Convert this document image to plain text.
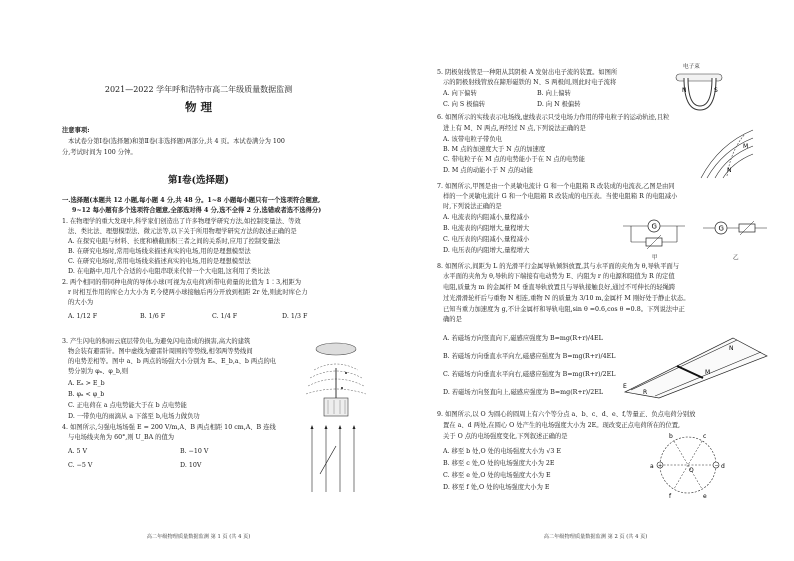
2021—2022 学年呼和浩特市高二年级质量数据监测
物 理
注意事项:
本试卷分第Ⅰ卷(选择题)和第Ⅱ卷(非选择题)两部分,共 4 页。本试卷满分为 100
分,考试时间为 100 分钟。
第Ⅰ卷(选择题)
一.选择题(本题共 12 小题,每小题 4 分,共 48 分。1~8 小题每小题只有一个选项符合题意,
9~12 每小题有多个选项符合题意,全部选对得 4 分,选不全得 2 分,选错或者选不选得分)
1. 在物理学的重大发现中,科学家们创造出了许多物理学研究方法,如控制变量法、等效
法、类比法、理想模型法、微元法等,以下关于所用物理学研究方法的叙述正确的是
A. 在探究电阻与材料、长度和横截面积三者之间的关系时,应用了控制变量法
B. 在研究电场时,常用电场线来描述真实的电场,用的是理想模型法
C. 在研究电场时,常用电场线来描述真实的电场,用的是理想模型法
D. 在电路中,用几个合适的小电阻串联来代替一个大电阻,这利用了类比法
2. 两个相同的带同种电荷的导体小球(可视为点电荷)所带电荷量的比值为 1∶3,相距为
r 时相互作用的库仑力大小为 F,今使两小球接触后再分开放到相距 2r 处,则此时库仑力
的大小为
A. 1/12 F	B. 1/6 F	C. 1/4 F	D. 1/3 F
3. 产生闪电的积雨云底层带负电,为避免闪电造成的损害,高大的建筑
物会装有避雷针。图中虚线为避雷针周围的等势线,相邻两等势线间
的电势差相等。图中 a、b 两点的场强大小分别为 Eₐ、E_b,a、b 两点的电
势分别为 φₐ、φ_b,则
A. Eₐ > E_b
B. φₐ < φ_b
C. 正电荷在 a 点电势能大于在 b 点电势能
D. 一带负电的雨滴从 a 下落至 b,电场力做负功
4. 如图所示,匀强电场场强 E = 200 V/m,A、B 两点相距 10 cm,A、B 连线
与电场线夹角为 60°,则 U_BA 的值为
A. 5 V	B. −10 V
C. −5 V	D. 10V
高二年级物理质量数据监测 第 1 页 (共 4 页)
5. 阴极射线管是一种阳从其阴极 A 发射出电子流的装置。如图所
示的阴极射线管放在蹄形磁铁的 N、S 两极间,则此时电子流将
A. 向下偏转	B. 向上偏转
C. 向 S 极偏转	D. 向 N 极偏转
电子束
N	S
6. 如图所示的实线表示电场线,虚线表示只受电场力作用的带电粒子的运动轨迹,且粒
进上有 M、N 两点,再经过 N 点,下列说法正确的是
A. 该带电粒子带负电
B. M 点的加速度大于 N 点的加速度
C. 带电粒子在 M 点的电势能小于在 N 点的电势能
D. M 点的动能小于 N 点的动能
M
N
7. 如图所示,甲图是由一个灵敏电流计 G 和一个电阻箱 R 改装成的电流表,乙图是由同
样的一个灵敏电流计 G 和一个电阻箱 R 改装成的电压表。当使电阻箱 R 的电阻减小
时,下列说法正确的是
A. 电流表的内阻减小,量程减小
B. 电流表的内阻增大,量程增大
C. 电压表的内阻减小,量程减小
D. 电压表的内阻增大,量程增大
G
甲
G
乙
8. 如图所示,间距为 L 的光滑平行金属导轨倾斜放置,其与水平面的夹角为 θ,导轨平面与
水平面的夹角为 θ,导轨的下端接有电动势为 E、内阻为 r 的电源和阻值为 R 的定值
电阻,质量为 m 的金属杆 M 垂直导轨放置且与导轨接触良好,通过不可伸长的轻绳跨
过光滑滑轮杆后与重物 N 相连,重物 N 的质量为 3/10 m,金属杆 M 刚好处于静止状态。
已知当重力加速度为 g,不计金属杆和导轨电阻,sin θ =0.6,cos θ =0.8。下列说法中正
确的是
A. 若磁场方向竖直向下,磁感应强度为 B=mg(R+r)/4EL
B. 若磁场方向垂直水平向左,磁感应强度为 B=mg(R+r)/4EL
C. 若磁场方向垂直水平向右,磁感应强度为 B=mg(R+r)/2EL
D. 若磁场方向竖直向上,磁感应强度为 B=mg(R+r)/2EL
M
N
E
R
9. 如图所示,以 O 为圆心的圆周上有六个等分点 a、b、c、d、e、f,等量正、负点电荷分别放
置在 a、d 两处,在圆心 O 处产生的电场强度大小为 2E。现改变正点电荷所在的位置,
关于 O 点的电场强度变化,下列叙述正确的是
A. 移至 b 处,O 处的电场强度大小为 √3 E
B. 移至 c 处,O 处的电场强度大小为 2E
C. 移至 e 处,O 处的电场强度大小为 E
D. 移至 f 处,O 处的电场强度大小为 E
+	−
a	d
b	c
e
f
O
高二年级物理质量数据监测 第 2 页 (共 4 页)
